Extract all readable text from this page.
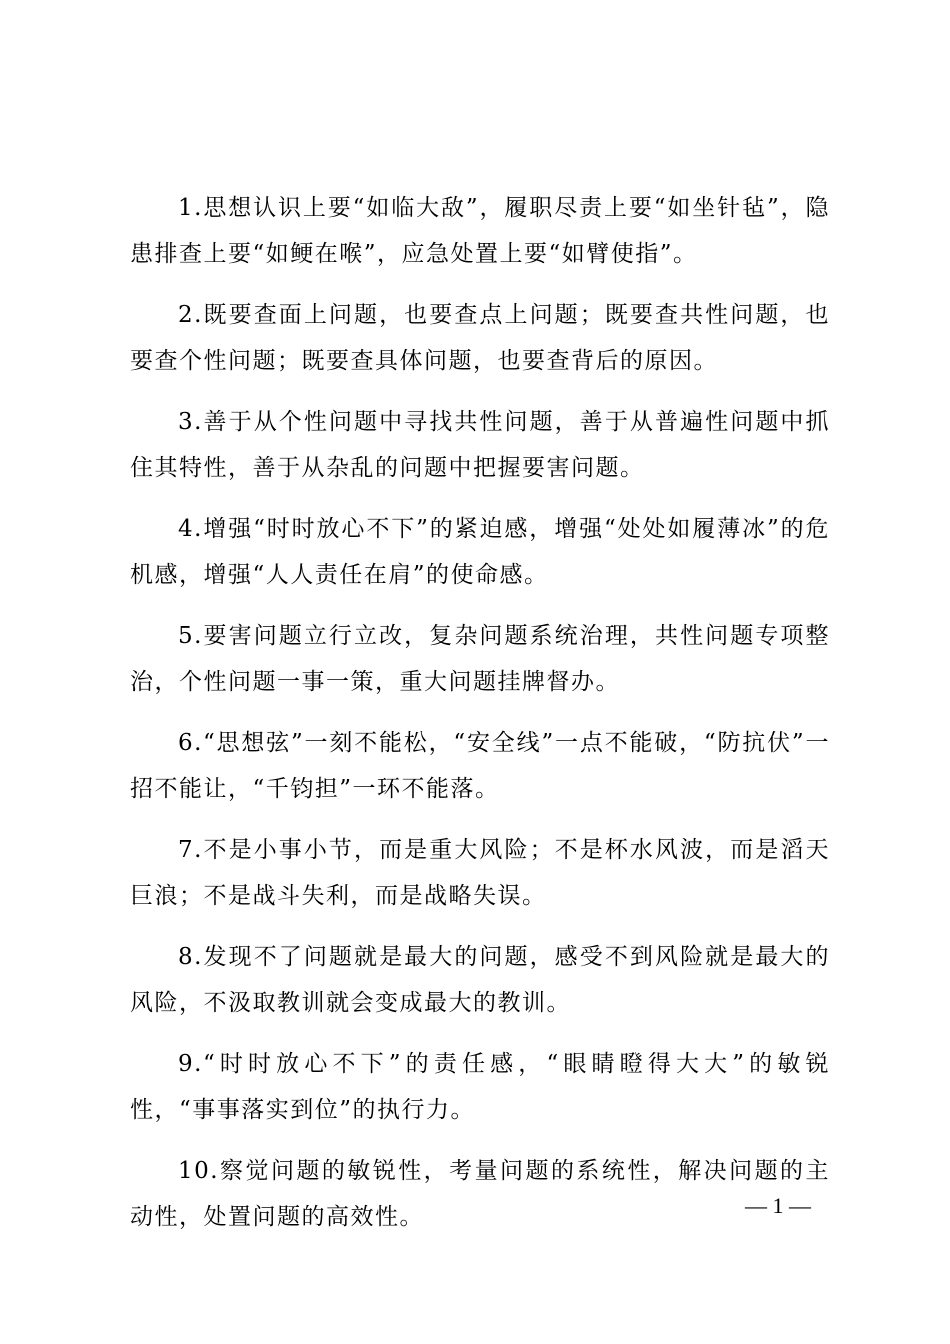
1.思想认识上要“如临大敌”，履职尽责上要“如坐针毡”，隐患排查上要“如鲠在喉”，应急处置上要“如臂使指”。

2.既要查面上问题，也要查点上问题；既要查共性问题，也要查个性问题；既要查具体问题，也要查背后的原因。

3.善于从个性问题中寻找共性问题，善于从普遍性问题中抓住其特性，善于从杂乱的问题中把握要害问题。

4.增强“时时放心不下”的紧迫感，增强“处处如履薄冰”的危机感，增强“人人责任在肩”的使命感。

5.要害问题立行立改，复杂问题系统治理，共性问题专项整治，个性问题一事一策，重大问题挂牌督办。

6.“思想弦”一刻不能松，“安全线”一点不能破，“防抗伏”一招不能让，“千钧担”一环不能落。

7.不是小事小节，而是重大风险；不是杯水风波，而是滔天巨浪；不是战斗失利，而是战略失误。

8.发现不了问题就是最大的问题，感受不到风险就是最大的风险，不汲取教训就会变成最大的教训。

9.“时时放心不下”的责任感，“眼睛瞪得大大”的敏锐性，“事事落实到位”的执行力。

10.察觉问题的敏锐性，考量问题的系统性，解决问题的主动性，处置问题的高效性。	— 1 —
